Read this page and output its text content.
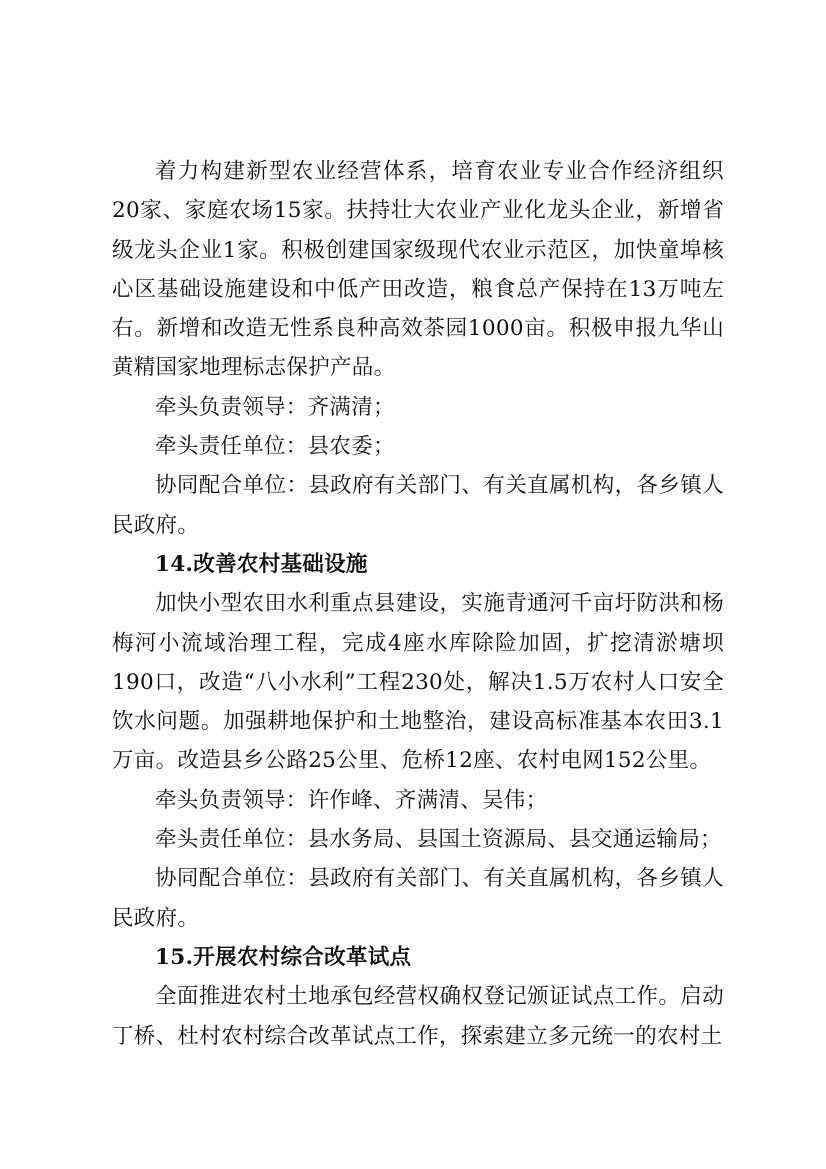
着力构建新型农业经营体系，培育农业专业合作经济组织20家、家庭农场15家。扶持壮大农业产业化龙头企业，新增省级龙头企业1家。积极创建国家级现代农业示范区，加快童埠核心区基础设施建设和中低产田改造，粮食总产保持在13万吨左右。新增和改造无性系良种高效茶园1000亩。积极申报九华山黄精国家地理标志保护产品。

牵头负责领导：齐满清；

牵头责任单位：县农委；

协同配合单位：县政府有关部门、有关直属机构，各乡镇人民政府。

14.改善农村基础设施

加快小型农田水利重点县建设，实施青通河千亩圩防洪和杨梅河小流域治理工程，完成4座水库除险加固，扩挖清淤塘坝190口，改造“八小水利”工程230处，解决1.5万农村人口安全饮水问题。加强耕地保护和土地整治，建设高标准基本农田3.1万亩。改造县乡公路25公里、危桥12座、农村电网152公里。

牵头负责领导：许作峰、齐满清、吴伟；

牵头责任单位：县水务局、县国土资源局、县交通运输局；

协同配合单位：县政府有关部门、有关直属机构，各乡镇人民政府。

15.开展农村综合改革试点

全面推进农村土地承包经营权确权登记颁证试点工作。启动丁桥、杜村农村综合改革试点工作，探索建立多元统一的农村土
